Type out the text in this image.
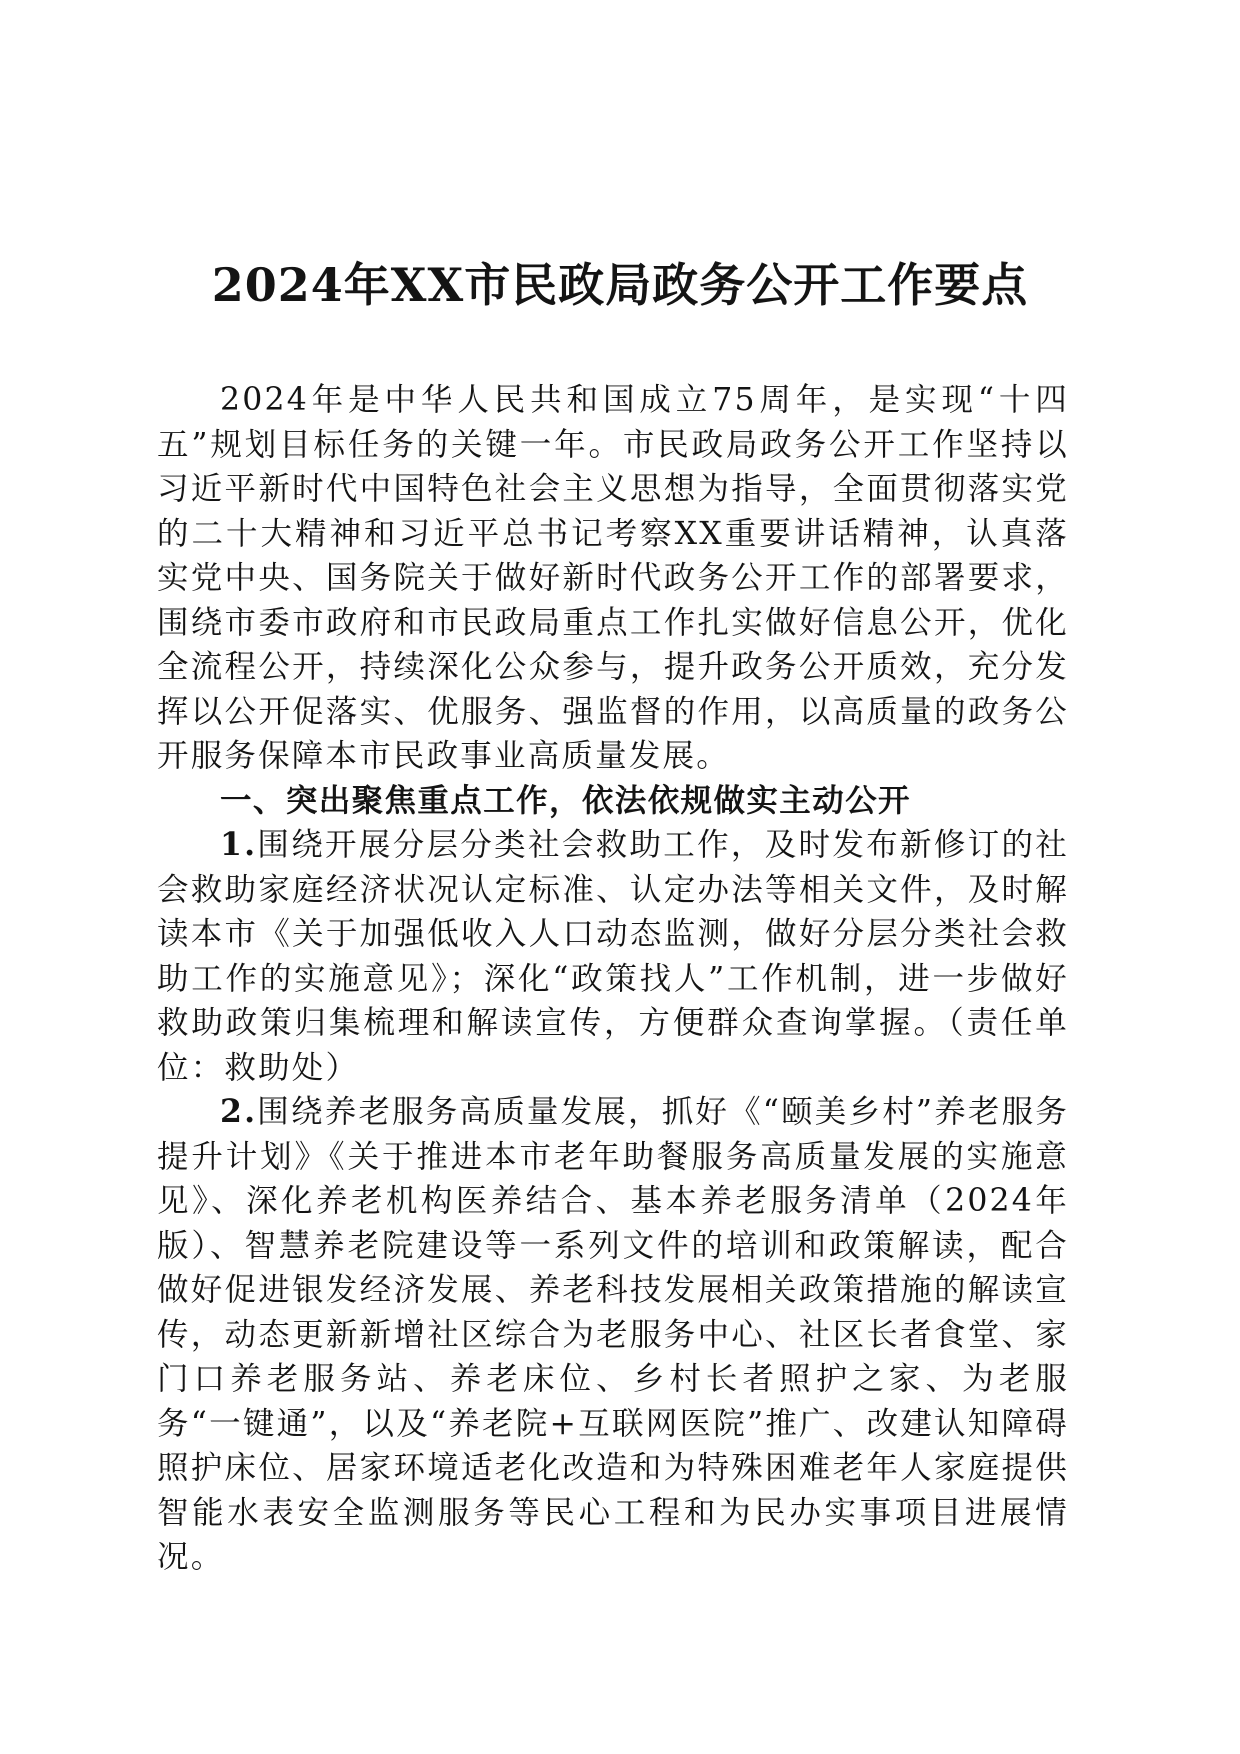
2024年XX市民政局政务公开工作要点

2024年是中华人民共和国成立75周年，是实现“十四五”规划目标任务的关键一年。市民政局政务公开工作坚持以习近平新时代中国特色社会主义思想为指导，全面贯彻落实党的二十大精神和习近平总书记考察XX重要讲话精神，认真落实党中央、国务院关于做好新时代政务公开工作的部署要求，围绕市委市政府和市民政局重点工作扎实做好信息公开，优化全流程公开，持续深化公众参与，提升政务公开质效，充分发挥以公开促落实、优服务、强监督的作用，以高质量的政务公开服务保障本市民政事业高质量发展。

一、突出聚焦重点工作，依法依规做实主动公开

1.围绕开展分层分类社会救助工作，及时发布新修订的社会救助家庭经济状况认定标准、认定办法等相关文件，及时解读本市《关于加强低收入人口动态监测，做好分层分类社会救助工作的实施意见》；深化“政策找人”工作机制，进一步做好救助政策归集梳理和解读宣传，方便群众查询掌握。（责任单位：救助处）

2.围绕养老服务高质量发展，抓好《“颐美乡村”养老服务提升计划》《关于推进本市老年助餐服务高质量发展的实施意见》、深化养老机构医养结合、基本养老服务清单（2024年版）、智慧养老院建设等一系列文件的培训和政策解读，配合做好促进银发经济发展、养老科技发展相关政策措施的解读宣传，动态更新新增社区综合为老服务中心、社区长者食堂、家门口养老服务站、养老床位、乡村长者照护之家、为老服务“一键通”，以及“养老院+互联网医院”推广、改建认知障碍照护床位、居家环境适老化改造和为特殊困难老年人家庭提供智能水表安全监测服务等民心工程和为民办实事项目进展情况。
